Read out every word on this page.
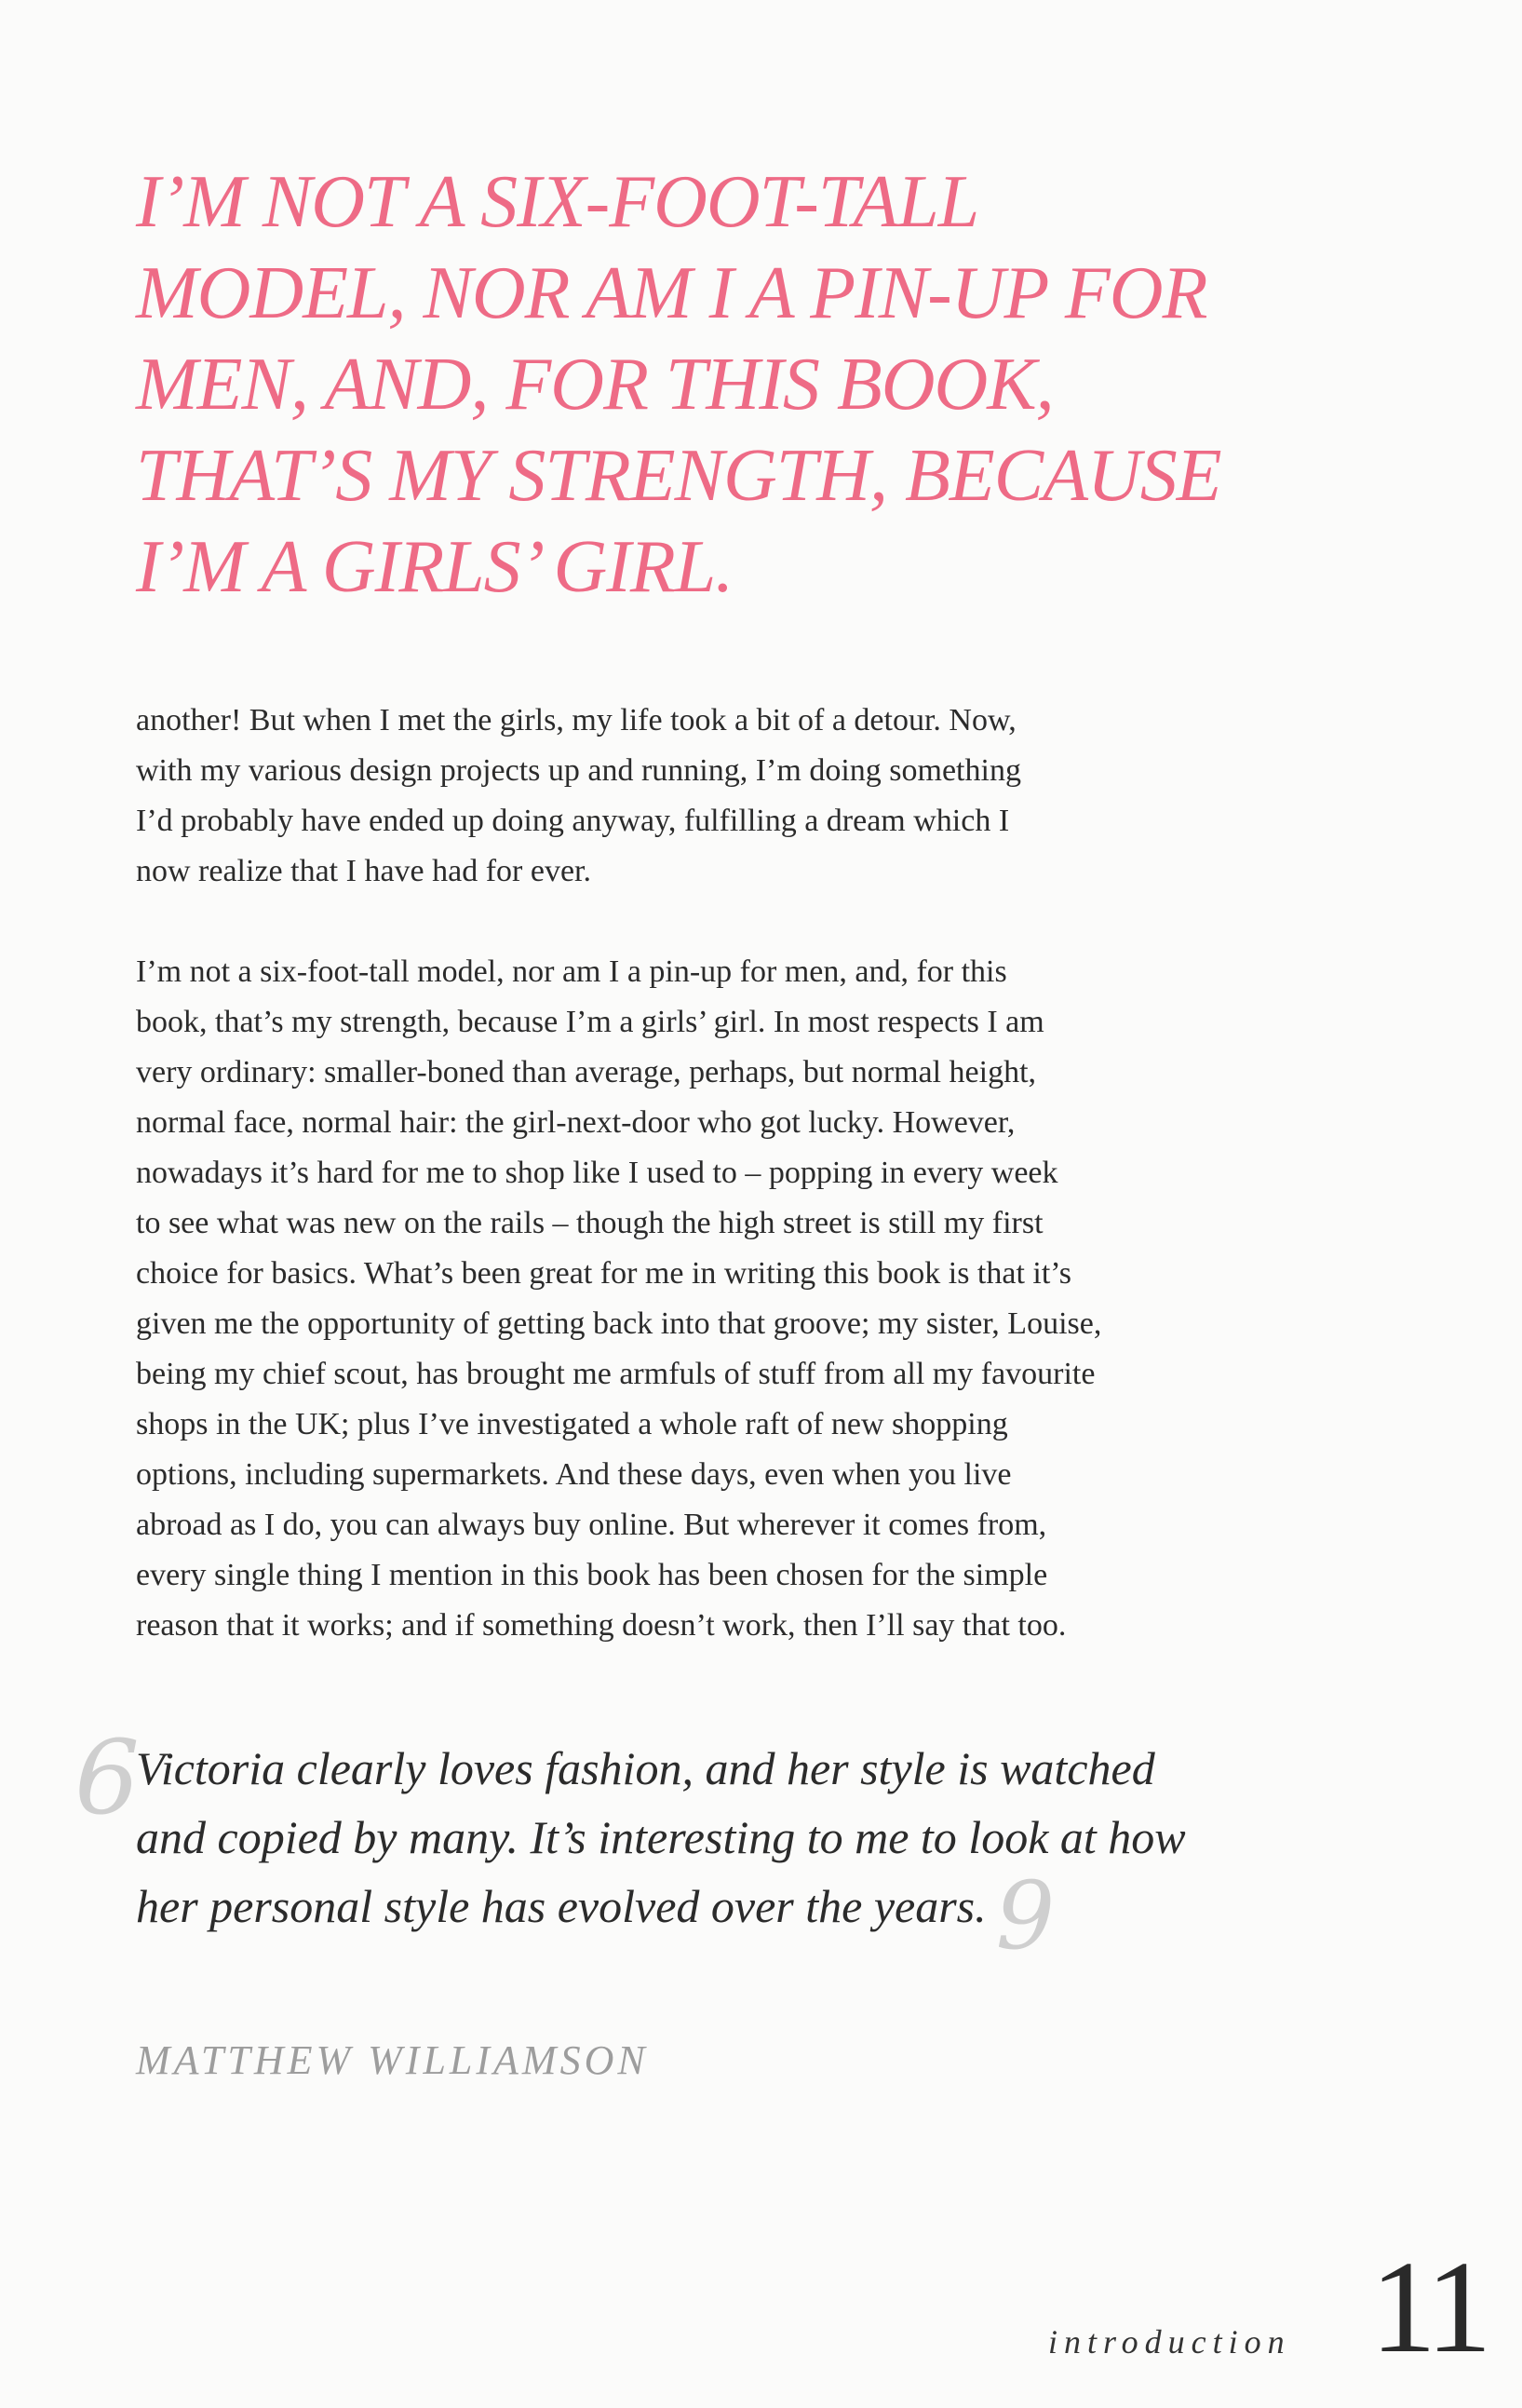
I’M NOT A SIX-FOOT-TALL
MODEL, NOR AM I A PIN-UP FOR
MEN, AND, FOR THIS BOOK,
THAT’S MY STRENGTH, BECAUSE
I’M A GIRLS’ GIRL.

another! But when I met the girls, my life took a bit of a detour. Now,
with my various design projects up and running, I’m doing something
I’d probably have ended up doing anyway, fulfilling a dream which I
now realize that I have had for ever.

I’m not a six-foot-tall model, nor am I a pin-up for men, and, for this
book, that’s my strength, because I’m a girls’ girl. In most respects I am
very ordinary: smaller-boned than average, perhaps, but normal height,
normal face, normal hair: the girl-next-door who got lucky. However,
nowadays it’s hard for me to shop like I used to – popping in every week
to see what was new on the rails – though the high street is still my first
choice for basics. What’s been great for me in writing this book is that it’s
given me the opportunity of getting back into that groove; my sister, Louise,
being my chief scout, has brought me armfuls of stuff from all my favourite
shops in the UK; plus I’ve investigated a whole raft of new shopping
options, including supermarkets. And these days, even when you live
abroad as I do, you can always buy online. But wherever it comes from,
every single thing I mention in this book has been chosen for the simple
reason that it works; and if something doesn’t work, then I’ll say that too.

6

Victoria clearly loves fashion, and her style is watched
and copied by many. It’s interesting to me to look at how
her personal style has evolved over the years. 9

MATTHEW WILLIAMSON

introduction 11
